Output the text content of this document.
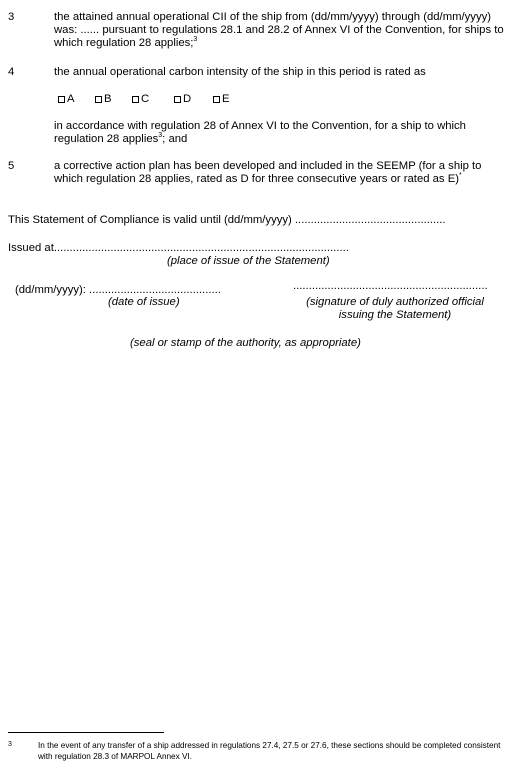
3	the attained annual operational CII of the ship from (dd/mm/yyyy) through (dd/mm/yyyy) was: ...... pursuant to regulations 28.1 and 28.2 of Annex VI of the Convention, for ships to which regulation 28 applies;$^3$
4	the annual operational carbon intensity of the ship in this period is rated as
A	B	C	D	E
in accordance with regulation 28 of Annex VI to the Convention, for a ship to which regulation 28 applies$^3$; and
5	a corrective action plan has been developed and included in the SEEMP (for a ship to which regulation 28 applies, rated as D for three consecutive years or rated as E)*
This Statement of Compliance is valid until (dd/mm/yyyy) ................................................
Issued at..............................................................................................
(place of issue of the Statement)
(dd/mm/yyyy): ..........................................	..............................................................
(date of issue)	(signature of duly authorized official
issuing the Statement)
(seal or stamp of the authority, as appropriate)
3	In the event of any transfer of a ship addressed in regulations 27.4, 27.5 or 27.6, these sections should be completed consistent with regulation 28.3 of MARPOL Annex VI.
